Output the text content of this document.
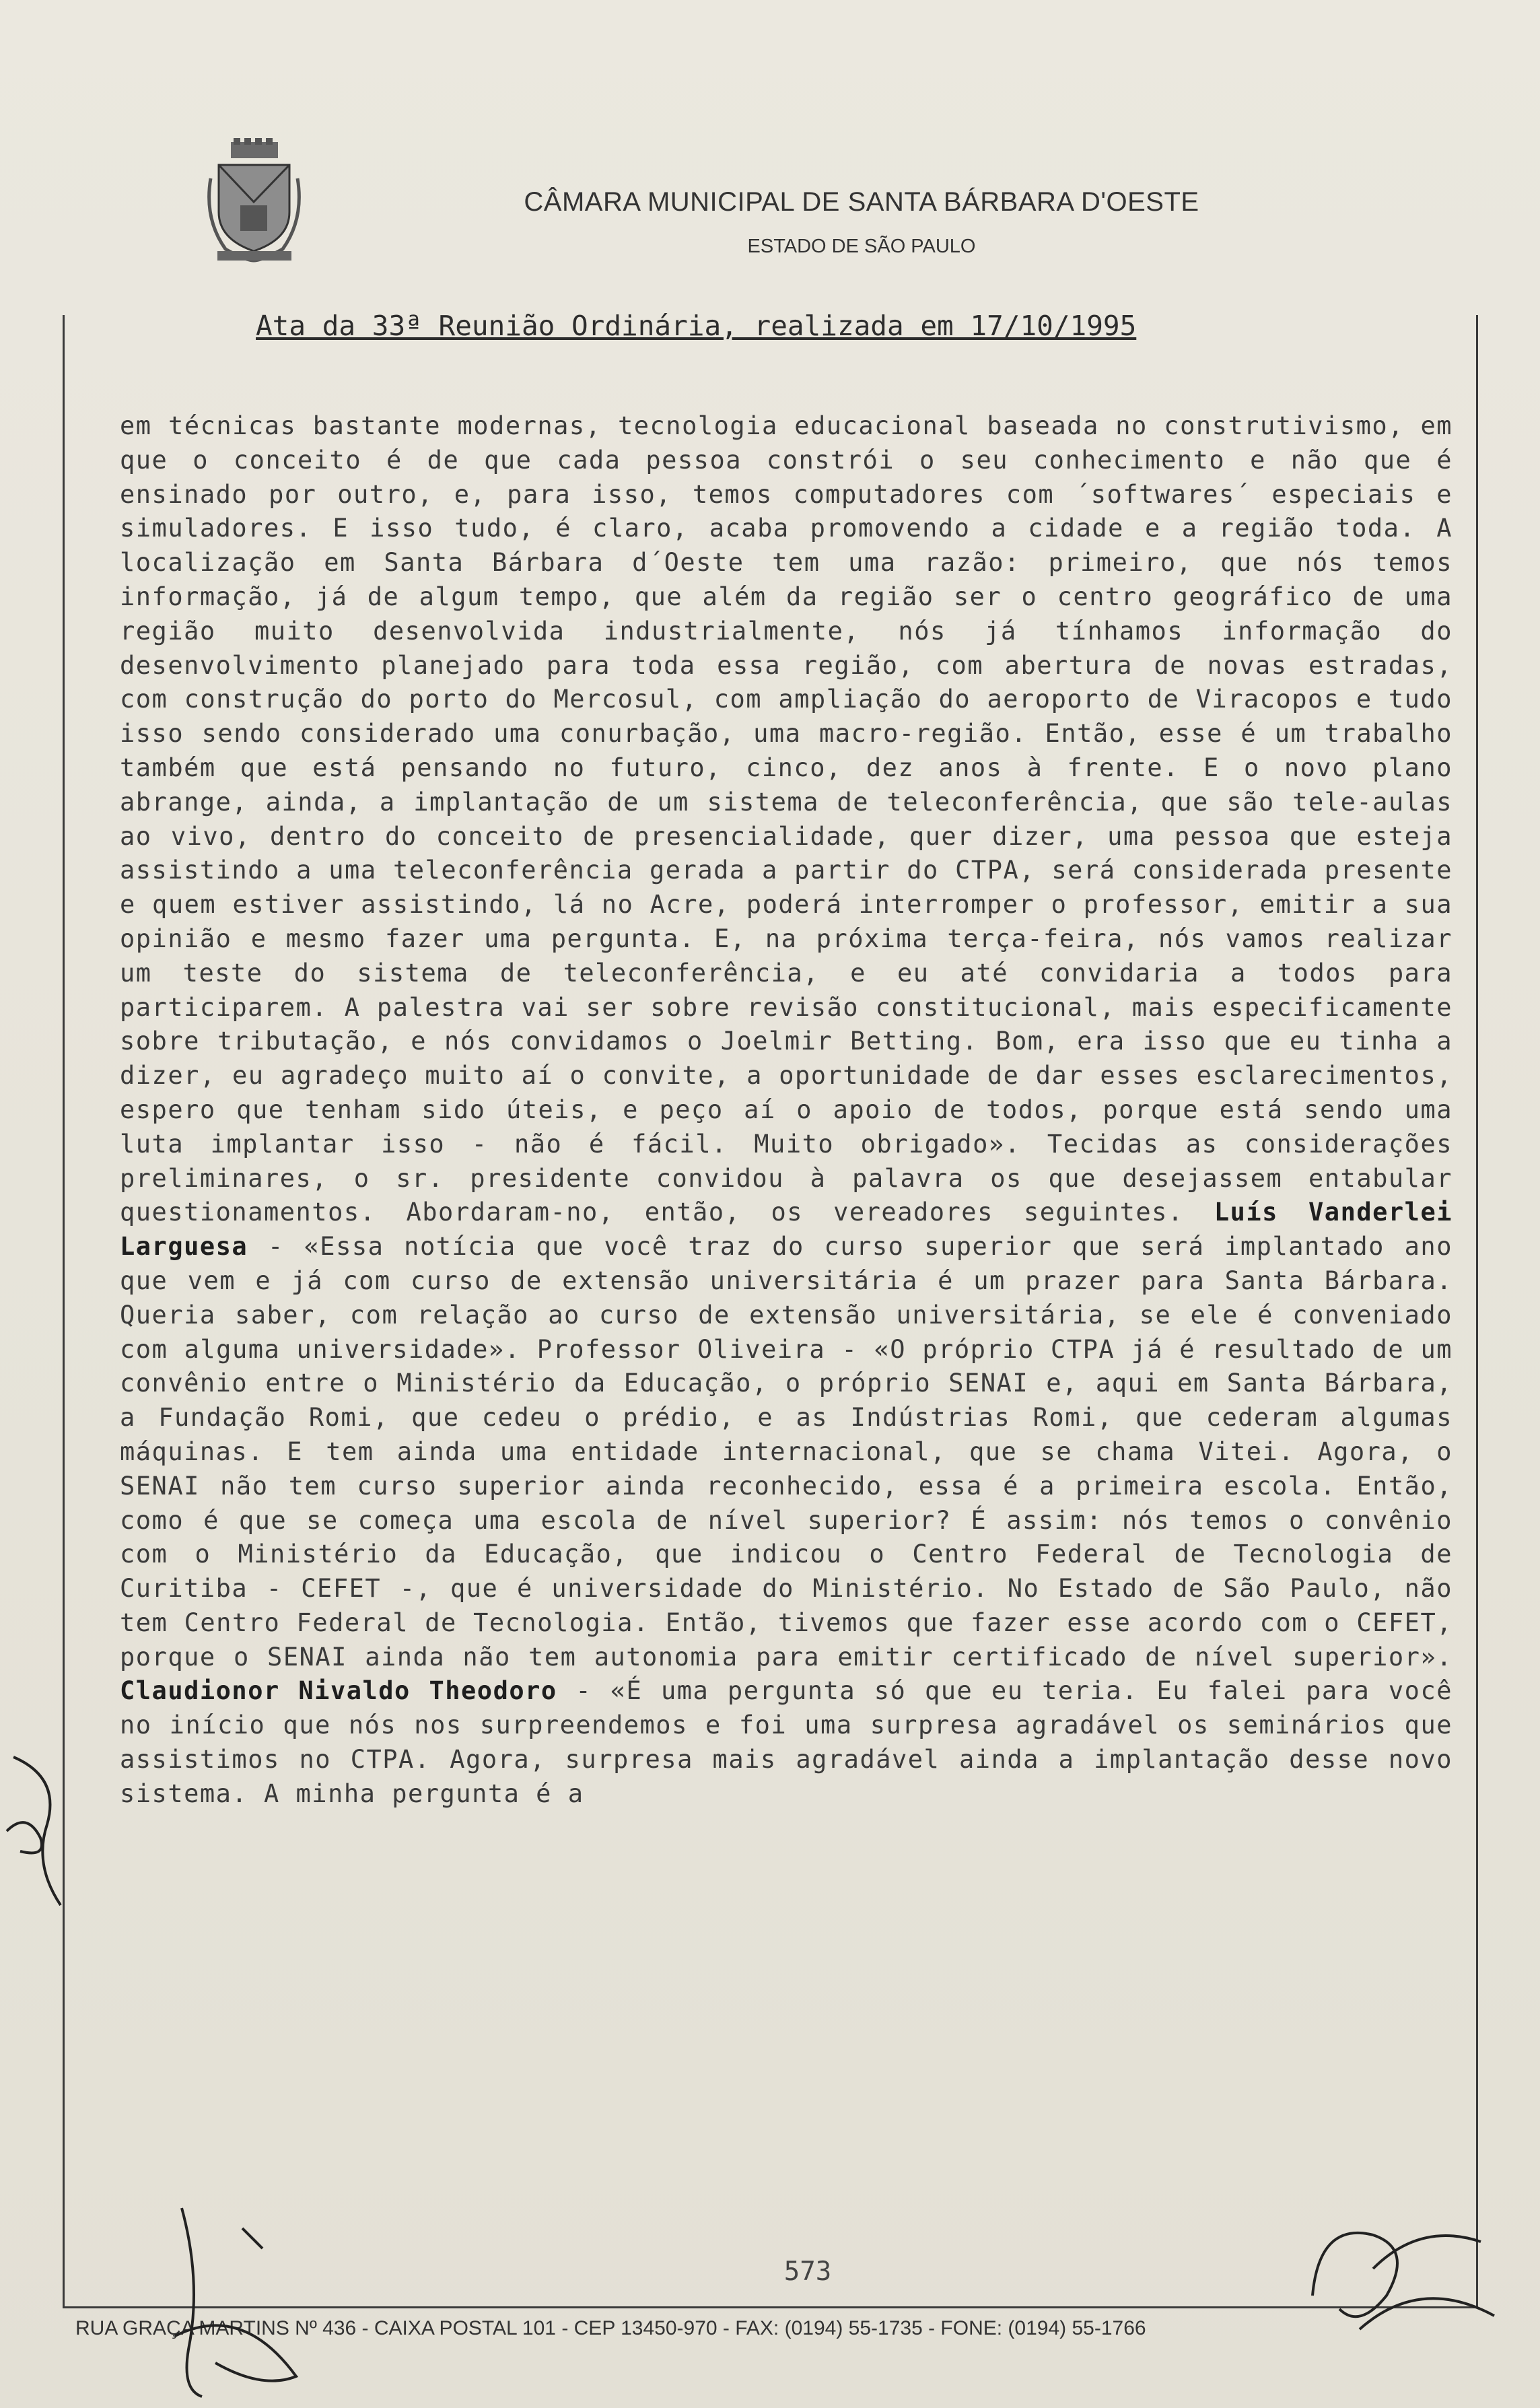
CÂMARA MUNICIPAL DE SANTA BÁRBARA D'OESTE
ESTADO DE SÃO PAULO
Ata da 33ª Reunião Ordinária, realizada em 17/10/1995

em técnicas bastante modernas, tecnologia educacional baseada no construtivismo, em que o conceito é de que cada pessoa constrói o seu conhecimento e não que é ensinado por outro, e, para isso, temos computadores com ´softwares´ especiais e simuladores. E isso tudo, é claro, acaba promovendo a cidade e a região toda. A localização em Santa Bárbara d´Oeste tem uma razão: primeiro, que nós temos informação, já de algum tempo, que além da região ser o centro geográfico de uma região muito desenvolvida industrialmente, nós já tínhamos informação do desenvolvimento planejado para toda essa região, com abertura de novas estradas, com construção do porto do Mercosul, com ampliação do aeroporto de Viracopos e tudo isso sendo considerado uma conurbação, uma macro-região. Então, esse é um trabalho também que está pensando no futuro, cinco, dez anos à frente. E o novo plano abrange, ainda, a implantação de um sistema de teleconferência, que são tele-aulas ao vivo, dentro do conceito de presencialidade, quer dizer, uma pessoa que esteja assistindo a uma teleconferência gerada a partir do CTPA, será considerada presente e quem estiver assistindo, lá no Acre, poderá interromper o professor, emitir a sua opinião e mesmo fazer uma pergunta. E, na próxima terça-feira, nós vamos realizar um teste do sistema de teleconferência, e eu até convidaria a todos para participarem. A palestra vai ser sobre revisão constitucional, mais especificamente sobre tributação, e nós convidamos o Joelmir Betting. Bom, era isso que eu tinha a dizer, eu agradeço muito aí o convite, a oportunidade de dar esses esclarecimentos, espero que tenham sido úteis, e peço aí o apoio de todos, porque está sendo uma luta implantar isso - não é fácil. Muito obrigado». Tecidas as considerações preliminares, o sr. presidente convidou à palavra os que desejassem entabular questionamentos. Abordaram-no, então, os vereadores seguintes. Luís Vanderlei Larguesa - «Essa notícia que você traz do curso superior que será implantado ano que vem e já com curso de extensão universitária é um prazer para Santa Bárbara. Queria saber, com relação ao curso de extensão universitária, se ele é conveniado com alguma universidade». Professor Oliveira - «O próprio CTPA já é resultado de um convênio entre o Ministério da Educação, o próprio SENAI e, aqui em Santa Bárbara, a Fundação Romi, que cedeu o prédio, e as Indústrias Romi, que cederam algumas máquinas. E tem ainda uma entidade internacional, que se chama Vitei. Agora, o SENAI não tem curso superior ainda reconhecido, essa é a primeira escola. Então, como é que se começa uma escola de nível superior? É assim: nós temos o convênio com o Ministério da Educação, que indicou o Centro Federal de Tecnologia de Curitiba - CEFET -, que é universidade do Ministério. No Estado de São Paulo, não tem Centro Federal de Tecnologia. Então, tivemos que fazer esse acordo com o CEFET, porque o SENAI ainda não tem autonomia para emitir certificado de nível superior». Claudionor Nivaldo Theodoro - «É uma pergunta só que eu teria. Eu falei para você no início que nós nos surpreendemos e foi uma surpresa agradável os seminários que assistimos no CTPA. Agora, surpresa mais agradável ainda a implantação desse novo sistema. A minha pergunta é a

573
RUA GRAÇA MARTINS Nº 436 - CAIXA POSTAL 101 - CEP 13450-970 - FAX: (0194) 55-1735 - FONE: (0194) 55-1766
